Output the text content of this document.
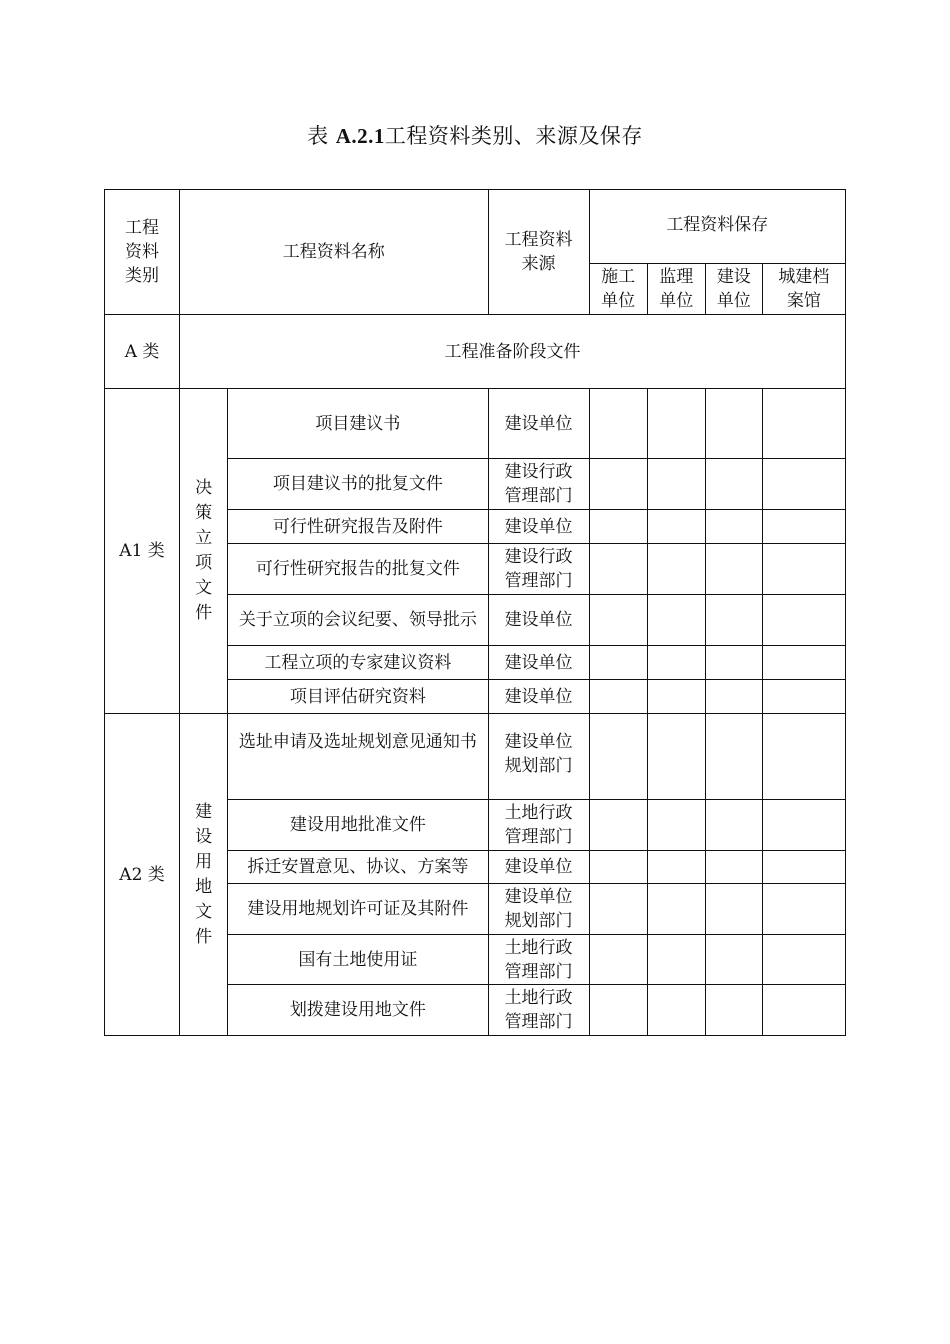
表 A.2.1工程资料类别、来源及保存
工程资料类别	工程资料名称		工程资料来源	工程资料保存			
				施工单位	监理单位	建设单位	城建档案馆
A 类	工程准备阶段文件						
A1 类	决策立项文件	项目建议书	建设单位				
		项目建议书的批复文件	建设行政管理部门				
		可行性研究报告及附件	建设单位				
		可行性研究报告的批复文件	建设行政管理部门				
		关于立项的会议纪要、领导批示	建设单位				
		工程立项的专家建议资料	建设单位				
		项目评估研究资料	建设单位				
A2 类	建设用地文件	选址申请及选址规划意见通知书	建设单位规划部门				
		建设用地批准文件	土地行政管理部门				
		拆迁安置意见、协议、方案等	建设单位				
		建设用地规划许可证及其附件	建设单位规划部门				
		国有土地使用证	土地行政管理部门				
		划拨建设用地文件	土地行政管理部门				
